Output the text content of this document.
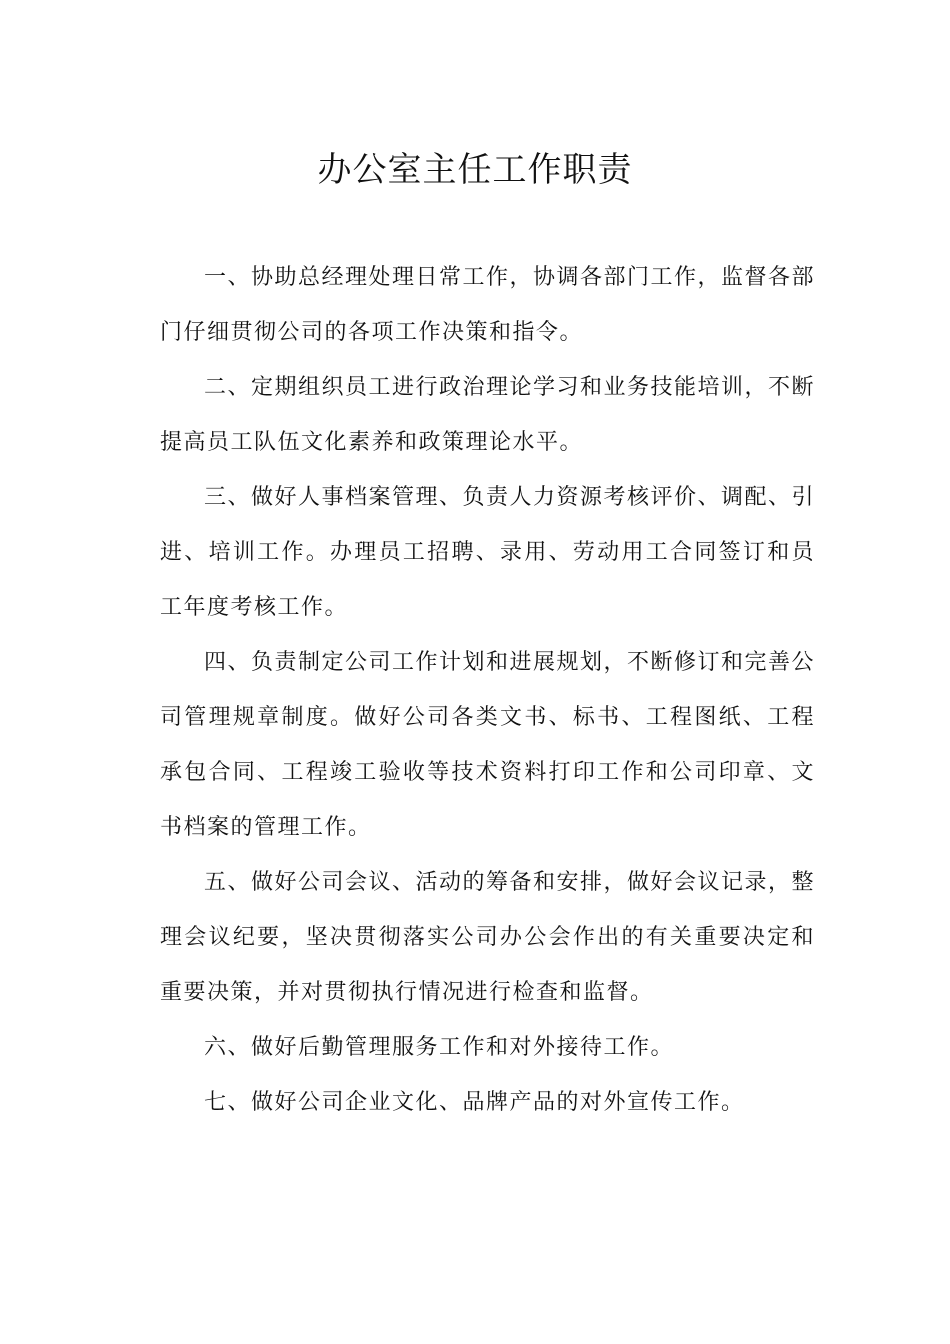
办公室主任工作职责

一、协助总经理处理日常工作，协调各部门工作，监督各部门仔细贯彻公司的各项工作决策和指令。

二、定期组织员工进行政治理论学习和业务技能培训，不断提高员工队伍文化素养和政策理论水平。

三、做好人事档案管理、负责人力资源考核评价、调配、引进、培训工作。办理员工招聘、录用、劳动用工合同签订和员工年度考核工作。

四、负责制定公司工作计划和进展规划，不断修订和完善公司管理规章制度。做好公司各类文书、标书、工程图纸、工程承包合同、工程竣工验收等技术资料打印工作和公司印章、文书档案的管理工作。

五、做好公司会议、活动的筹备和安排，做好会议记录，整理会议纪要，坚决贯彻落实公司办公会作出的有关重要决定和重要决策，并对贯彻执行情况进行检查和监督。

六、做好后勤管理服务工作和对外接待工作。

七、做好公司企业文化、品牌产品的对外宣传工作。
